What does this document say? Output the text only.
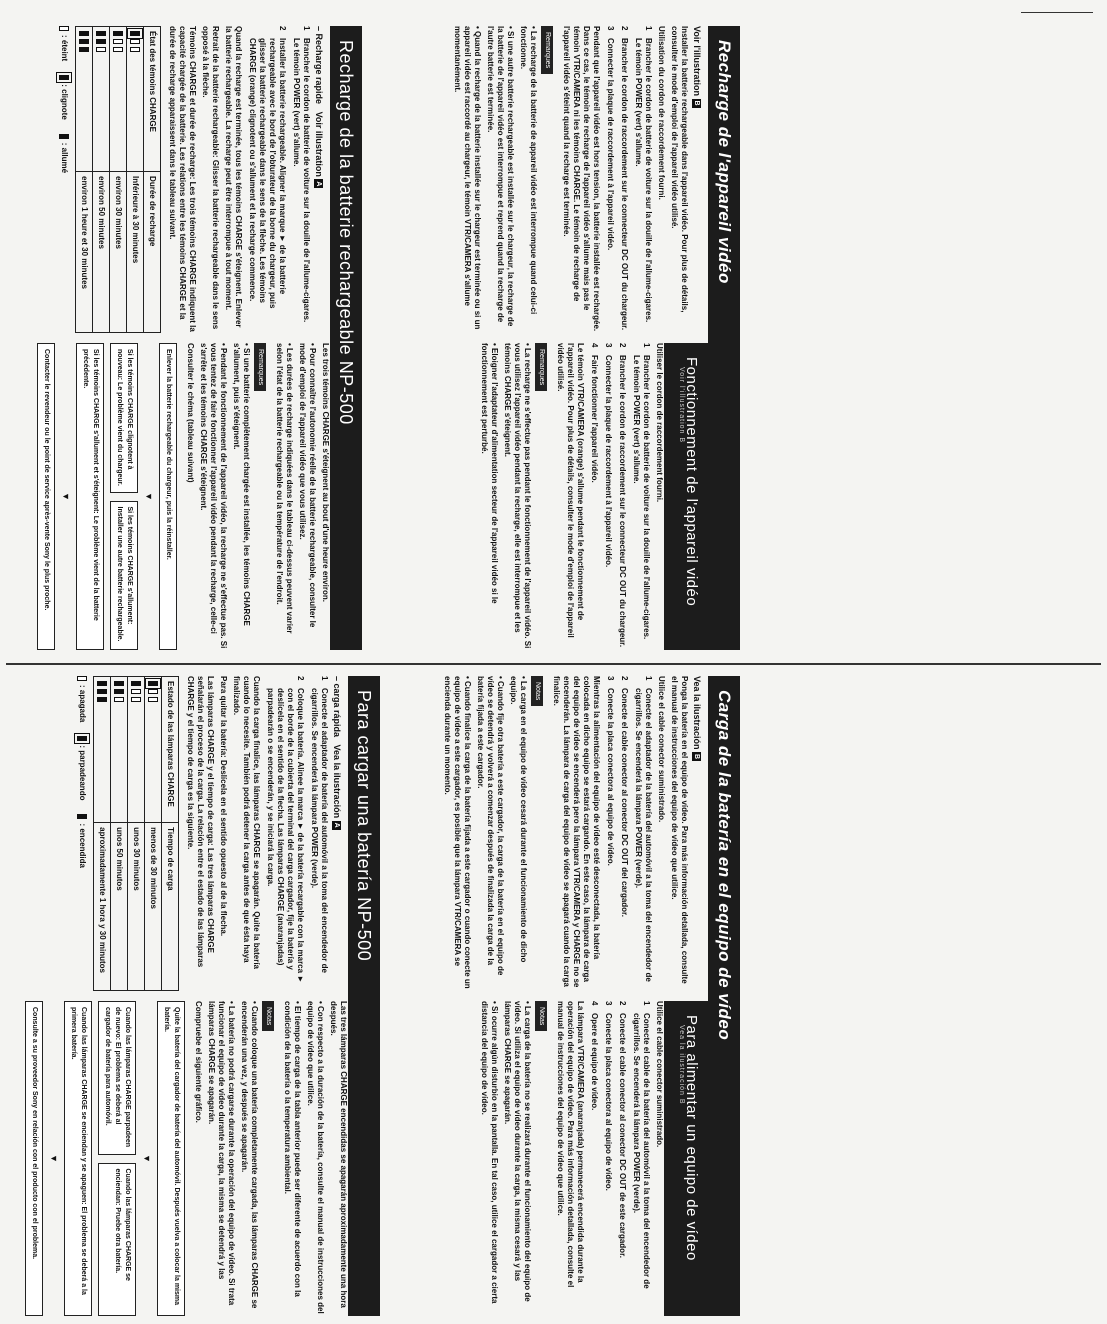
Recharge de la batterie rechargeable NP-500
– Recharge rapide   Voir illustration A
1
Brancher le cordon de batterie de voiture sur la douille de l'allume-cigares. Le témoin POWER (vert) s'allume.
2
Installer la batterie rechargeable. Aligner la marque ► de la batterie rechargeable avec le bord de l'obturateur de la borne du chargeur, puis glisser la batterie rechargeable dans le sens de la flèche. Les témoins CHARGE (orange) clignotent ou s'allument et la recharge commence.

Quand la recharge est terminée, tous les témoins CHARGE s'éteignent. Enlever la batterie rechargeable. La recharge peut être interrompue à tout moment.

Retrait de la batterie rechargeable: Glisser la batterie rechargeable dans le sens opposé à la flèche.

Témoins CHARGE et durée de recharge: Les trois témoins CHARGE indiquent la capacité chargée de la batterie. Les relations entre les témoins CHARGE et la durée de recharge apparaissent dans le tableau suivant.

État des témoins CHARGE	Durée de recharge

	Inférieure à 30 minutes

	environ 30 minutes

	environ 50 minutes

	environ 1 heure et 30 minutes
: éteint
: clignote
: allumé

Les trois témoins CHARGE s'éteignent au bout d'une heure environ.

• Pour connaître l'autonomie réelle de la batterie rechargeable, consulter le mode d'emploi de l'appareil vidéo que vous utilisez.

• Les durées de recharge indiquées dans le tableau ci-dessus peuvent varier selon l'état de la batterie rechargeable ou la température de l'endroit.

Remarques

• Si une batterie complètement chargée est installée, les témoins CHARGE s'allument, puis s'éteignent.

• Pendant le fonctionnement de l'appareil vidéo, la recharge ne s'effectue pas. Si vous tentez de faire fonctionner l'appareil vidéo pendant la recharge, celle-ci s'arrête et les témoins CHARGE s'éteignent.

Consulter le chéma (tableau suivant)

Enlever la batterie rechargeable du chargeur, puis la réinstaller.
▼
Si les témoins CHARGE clignotent à nouveau: Le problème vient du chargeur.
Si les témoins CHARGE s'allument: Installer une autre batterie rechargeable.
Si les témoins CHARGE s'allument et s'éteignent: Le problème vient de la batterie précédente.
▼
Contacter le revendeur ou le point de service après-vente Sony le plus proche.
Recharge de l'appareil vidéo
Voir l'illustration B

Installer la batterie rechargeable dans l'appareil vidéo. Pour plus de détails, consulter le mode d'emploi de l'appareil vidéo utilisé.

Utilisation du cordon de raccordement fourni.

1
Brancher le cordon de batterie de voiture sur la douille de l'allume-cigares. Le témoin POWER (vert) s'allume.
2
Brancher le cordon de raccordement sur le connecteur DC OUT du chargeur.
3
Connecter la plaque de raccordement à l'appareil vidéo.

Pendant que l'appareil vidéo est hors tension, la batterie installée est rechargée. Dans ce cas, le témoin de recharge de l'appareil vidéo s'allume mais pas le témoin VTR/CAMERA ni les témoins CHARGE. Le témoin de recharge de l'appareil vidéo s'éteint quand la recharge est terminée.

Remarques

• La recharge de la batterie de appareil vidéo est interrompue quand celui-ci fonctionne.

• Si une autre batterie rechargeable est installée sur le chargeur, la recharge de la batterie de l'appareil vidéo est interrompue et reprend quand la recharge de l'autre batterie est terminée.

• Quand la recharge de la batterie installée sur le chargeur est terminée ou si un appareil vidéo est raccordé au chargeur, le témoin VTR/CAMERA s'allume momentanément.

Fonctionnement de l'appareil vidéo
Voir l'illustration B

Utiliser le cordon de raccordement fourni.

1
Brancher le cordon de batterie de voiture sur la douille de l'allume-cigares. Le témoin POWER (vert) s'allume.
2
Brancher le cordon de raccordement sur le connecteur DC OUT du chargeur.
3
Connecter la plaque de raccordement à l'appareil vidéo.
4
Faire fonctionner l'appareil vidéo.

Le témoin VTR/CAMERA (orange) s'allume pendant le fonctionnement de l'appareil vidéo. Pour plus de détails, consulter le mode d'emploi de l'appareil vidéo utilisé.

Remarques

• La recharge ne s'effectue pas pendant le fonctionnement de l'appareil vidéo. Si vous utilisez l'appareil vidéo pendant la recharge, elle est interrompue et les témoins CHARGE s'éteignent.

• Eloigner l'adaptateur d'alimentation secteur de l'appareil vidéo si le fonctionnement est perturbé.

Para cargar una batería NP-500
– carga rápida   Vea la ilustración A
1
Conecte el adaptador de batería del automóvil a la toma del encendedor de cigarrillos. Se encenderá la lámpara POWER (verde).
2
Coloque la batería. Alinee la marca ► de la batería recargable con la marca ► con el borde de la cubierta del terminal del carga cargador, fije la batería y deslícela en el sentido de la flecha. Las lámparas CHARGE (anaranjadas) parpadearán o se encenderán, y se iniciará la carga.

Cuando la carga finalice, las lámparas CHARGE se apagarán. Quite la batería cuando lo necesite. También podrá detener la carga antes de que ésta haya finalizado.

Para quitar la batería: Deslícela en el sentido opuesto al de la flecha.

Las lámparas CHARGE y el tiempo de carga: Las tres lámparas CHARGE señalarán el proceso de la carga. La relación entre el estado de las lámparas CHARGE y el tiempo de carga es la siguiente.

Estado de las lámparas CHARGE	Tiempo de carga

	menos de 30 minutos

	unos 30 minutos

	unos 50 minutos

	aproximadamente 1 hora y 30 minutos
: apagada
: parpadeando
: encendida

Las tres lámparas CHARGE encendidas se apagarán aproximadamente una hora después.

• Con respecto a la duración de la batería, consulte el manual de instrucciones del equipo de vídeo que utilice.

• El tiempo de carga de la tabla anterior puede ser diferente de acuerdo con la condición de la batería o la temperatura ambiental.

Notas

• Cuando coloque una batería completamente cargada, las lámparas CHARGE se encenderán una vez, y después se apagarán.

• La batería no podrá cargarse durante la operación del equipo de vídeo. Si trata funcionar el equipo de vídeo durante la carga, la misma se detendrá y las lámparas CHARGE se apagarán.

Compruebe el siguiente gráfico.

Quite la batería del cargador de batería del automóvil. Después vuelva a colocar la misma batería.
▼
Cuando las lámparas CHARGE parpadeen de nuevo: El problema se deberá al cargador de batería para automóvil.
Cuando las lámparas CHARGE se enciendan: Pruebe otra batería.
Cuando las lámparas CHARGE se enciendan y se apaguen: El problema se deberá a la primera batería.
▼
Consulte a su proveedor Sony en relación con el producto con el problema.
Carga de la batería en el equipo de vídeo
Vea la ilustración B

Ponga la batería en el equipo de vídeo. Para más información detallada, consulte el manual de instrucciones del equipo de vídeo que utilice.

Utilice el cable conector suministrado.

1
Conecte el adaptador de la batería del automóvil a la toma del encendedor de cigarrillos. Se encenderá la lámpara POWER (verde).
2
Conecte el cable conector al conector DC OUT del cargador.
3
Conecte la placa conectora al equipo de vídeo.

Mientras la alimentación del equipo de vídeo esté desconectada, la batería colocada en dicho equipo se estará cargando. En este caso, la lámpara de carga del equipo de vídeo se encenderá pero la lámpara VTR/CAMERA y CHARGE no se encenderán. La lámpara de carga del equipo de vídeo se apagará cuando la carga finalice.

Notas

• La carga en el equipo de vídeo cesará durante el funcionamiento de dicho equipo.

• Cuando fije otra batería a este cargador, la carga de la batería en el equipo de vídeo se detendrá y volverá a comenzar después de finalizada la carga de la batería fijada a este cargador.

• Cuando finalice la carga de la batería fijada a este cargador o cuando conecte un equipo de vídeo a este cargador, es posible que la lámpara VTR/CAMERA se encienda durante un momento.

Para alimentar un equipo de vídeo
Vea la ilustración B

Utilice el cable conector suministrado.

1
Conecte el cable de la batería del automóvil a la toma del encendedor de cigarrillos. Se encenderá la lámpara POWER (verde).
2
Conecte el cable conector al conector DC OUT de este cargador.
3
Conecte la placa conectora al equipo de vídeo.
4
Opere el equipo de vídeo.

La lámpara VTR/CAMERA (anaranjada) permanecerá encendida durante la operación del equipo de vídeo. Para más información detallada, consulte el manual de instrucciones del equipo de vídeo que utilice.

Notas

• La carga de la batería no se realizará durante el funcionamiento del equipo de vídeo. Si utiliza el equipo de vídeo durante la carga, la misma cesará y las lámparas CHARGE se apagarán.

• Si ocurre algún disturbio en la pantalla. En tal caso, utilice el cargador a cierta distancia del equipo de vídeo.
